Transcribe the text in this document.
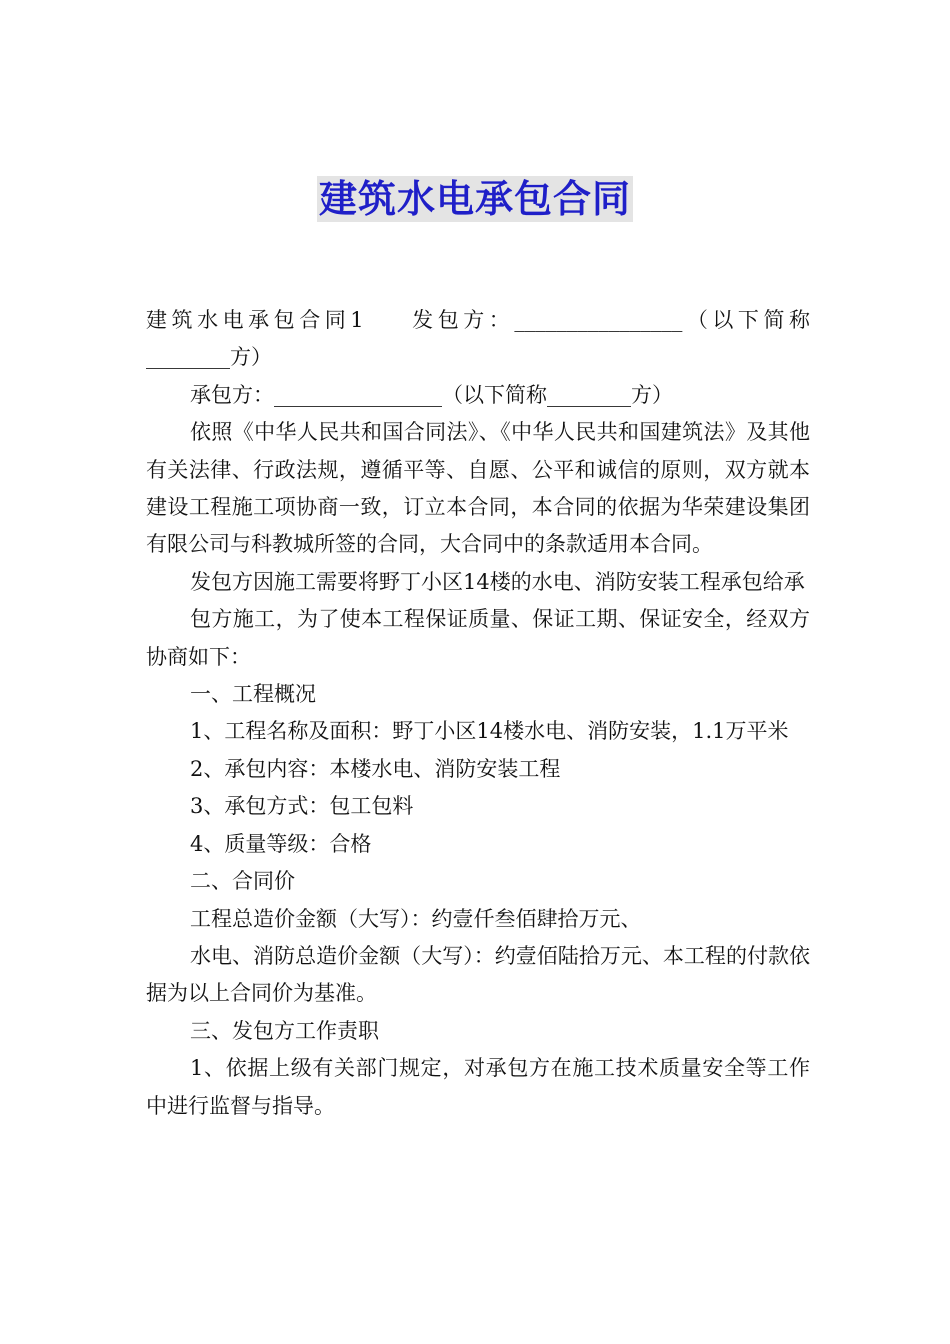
建筑水电承包合同

建筑水电承包合同1 发包方：________________（以下简称________方）

承包方：________________（以下简称________方）

依照《中华人民共和国合同法》、《中华人民共和国建筑法》及其他有关法律、行政法规，遵循平等、自愿、公平和诚信的原则，双方就本建设工程施工项协商一致，订立本合同，本合同的依据为华荣建设集团有限公司与科教城所签的合同，大合同中的条款适用本合同。

发包方因施工需要将野丁小区14楼的水电、消防安装工程承包给承

包方施工，为了使本工程保证质量、保证工期、保证安全，经双方协商如下：

一、工程概况

1、工程名称及面积：野丁小区14楼水电、消防安装，1.1万平米

2、承包内容：本楼水电、消防安装工程

3、承包方式：包工包料

4、质量等级：合格

二、合同价

工程总造价金额（大写）：约壹仟叁佰肆拾万元、

水电、消防总造价金额（大写）：约壹佰陆拾万元、本工程的付款依据为以上合同价为基准。

三、发包方工作责职

1、依据上级有关部门规定，对承包方在施工技术质量安全等工作中进行监督与指导。
